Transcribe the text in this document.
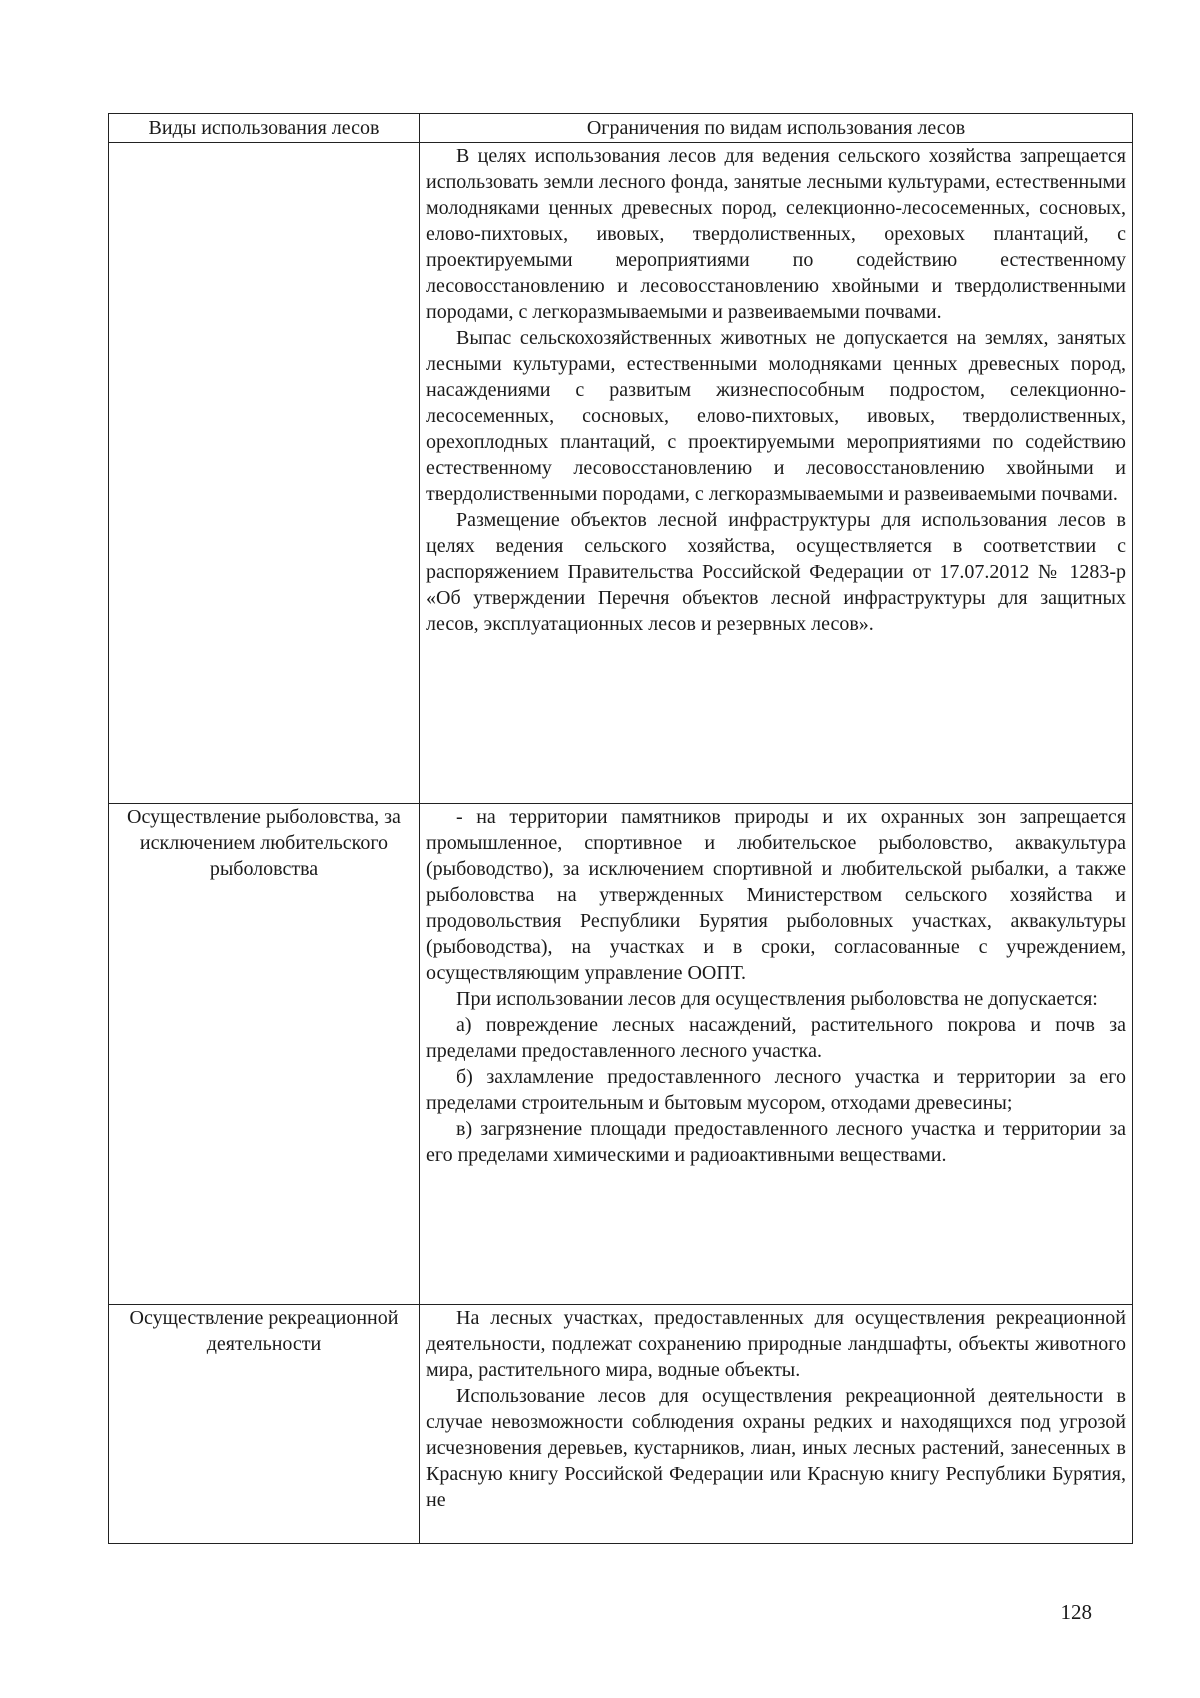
Виды использования лесов	Ограничения по видам использования лесов

	В целях использования лесов для ведения сельского хозяйства запрещается использовать земли лесного фонда, занятые лесными культурами, естественными молодняками ценных древесных пород, селекционно-лесосеменных, сосновых, елово-пихтовых, ивовых, твердолиственных, ореховых плантаций, с проектируемыми мероприятиями по содействию естественному лесовосстановлению и лесовосстановлению хвойными и твердолиственными породами, с легкоразмываемыми и развеиваемыми почвами.

Выпас сельскохозяйственных животных не допускается на землях, занятых лесными культурами, естественными молодняками ценных древесных пород, насаждениями с развитым жизнеспособным подростом, селекционно-лесосеменных, сосновых, елово-пихтовых, ивовых, твердолиственных, орехоплодных плантаций, с проектируемыми мероприятиями по содействию естественному лесовосстановлению и лесовосстановлению хвойными и твердолиственными породами, с легкоразмываемыми и развеиваемыми почвами.

Размещение объектов лесной инфраструктуры для использования лесов в целях ведения сельского хозяйства, осуществляется в соответствии с распоряжением Правительства Российской Федерации от 17.07.2012 № 1283-р «Об утверждении Перечня объектов лесной инфраструктуры для защитных лесов, эксплуатационных лесов и резервных лесов».

Осуществление рыболовства, за исключением любительского рыболовства	- на территории памятников природы и их охранных зон запрещается промышленное, спортивное и любительское рыболовство, аквакультура (рыбоводство), за исключением спортивной и любительской рыбалки, а также рыболовства на утвержденных Министерством сельского хозяйства и продовольствия Республики Бурятия рыболовных участках, аквакультуры (рыбоводства), на участках и в сроки, согласованные с учреждением, осуществляющим управление ООПТ.

При использовании лесов для осуществления рыболовства не допускается:

а) повреждение лесных насаждений, растительного покрова и почв за пределами предоставленного лесного участка.

б) захламление предоставленного лесного участка и территории за его пределами строительным и бытовым мусором, отходами древесины;

в) загрязнение площади предоставленного лесного участка и территории за его пределами химическими и радиоактивными веществами.

Осуществление рекреационной деятельности	На лесных участках, предоставленных для осуществления рекреационной деятельности, подлежат сохранению природные ландшафты, объекты животного мира, растительного мира, водные объекты.

Использование лесов для осуществления рекреационной деятельности в случае невозможности соблюдения охраны редких и находящихся под угрозой исчезновения деревьев, кустарников, лиан, иных лесных растений, занесенных в Красную книгу Российской Федерации или Красную книгу Республики Бурятия, не

128
